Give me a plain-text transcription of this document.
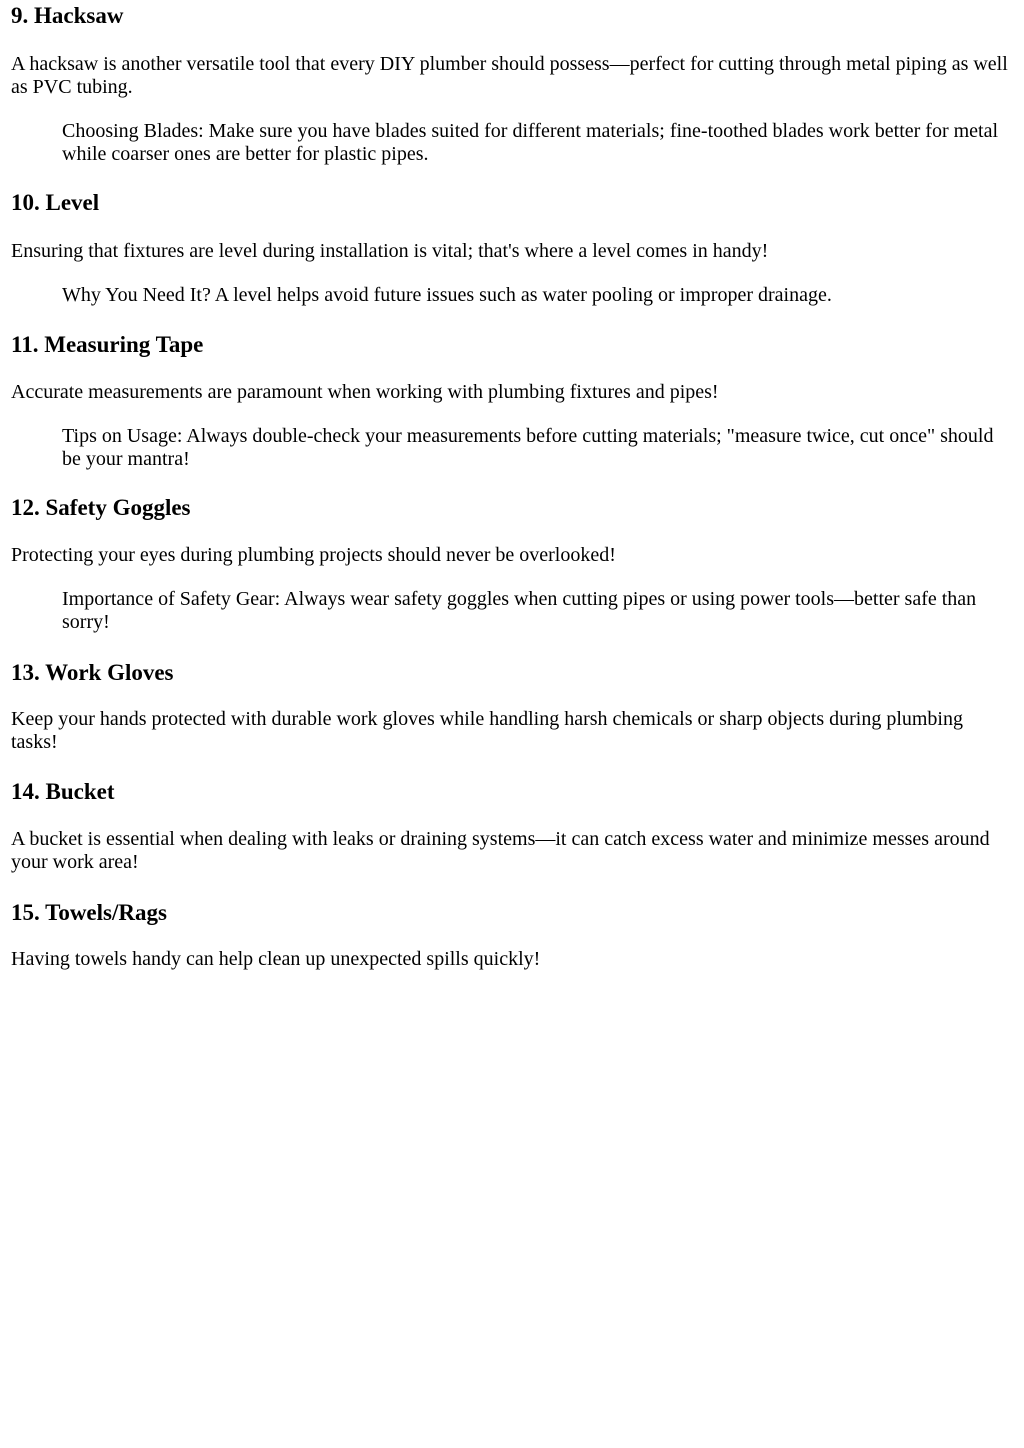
9. Hacksaw

A hacksaw is another versatile tool that every DIY plumber should possess—perfect for cutting through metal piping as well as PVC tubing.

Choosing Blades: Make sure you have blades suited for different materials; fine-toothed blades work better for metal while coarser ones are better for plastic pipes.
10. Level

Ensuring that fixtures are level during installation is vital; that's where a level comes in handy!

Why You Need It? A level helps avoid future issues such as water pooling or improper drainage.
11. Measuring Tape

Accurate measurements are paramount when working with plumbing fixtures and pipes!

Tips on Usage: Always double-check your measurements before cutting materials; "measure twice, cut once" should be your mantra!
12. Safety Goggles

Protecting your eyes during plumbing projects should never be overlooked!

Importance of Safety Gear: Always wear safety goggles when cutting pipes or using power tools—better safe than sorry!
13. Work Gloves

Keep your hands protected with durable work gloves while handling harsh chemicals or sharp objects during plumbing tasks!

14. Bucket

A bucket is essential when dealing with leaks or draining systems—it can catch excess water and minimize messes around your work area!

15. Towels/Rags

Having towels handy can help clean up unexpected spills quickly!
